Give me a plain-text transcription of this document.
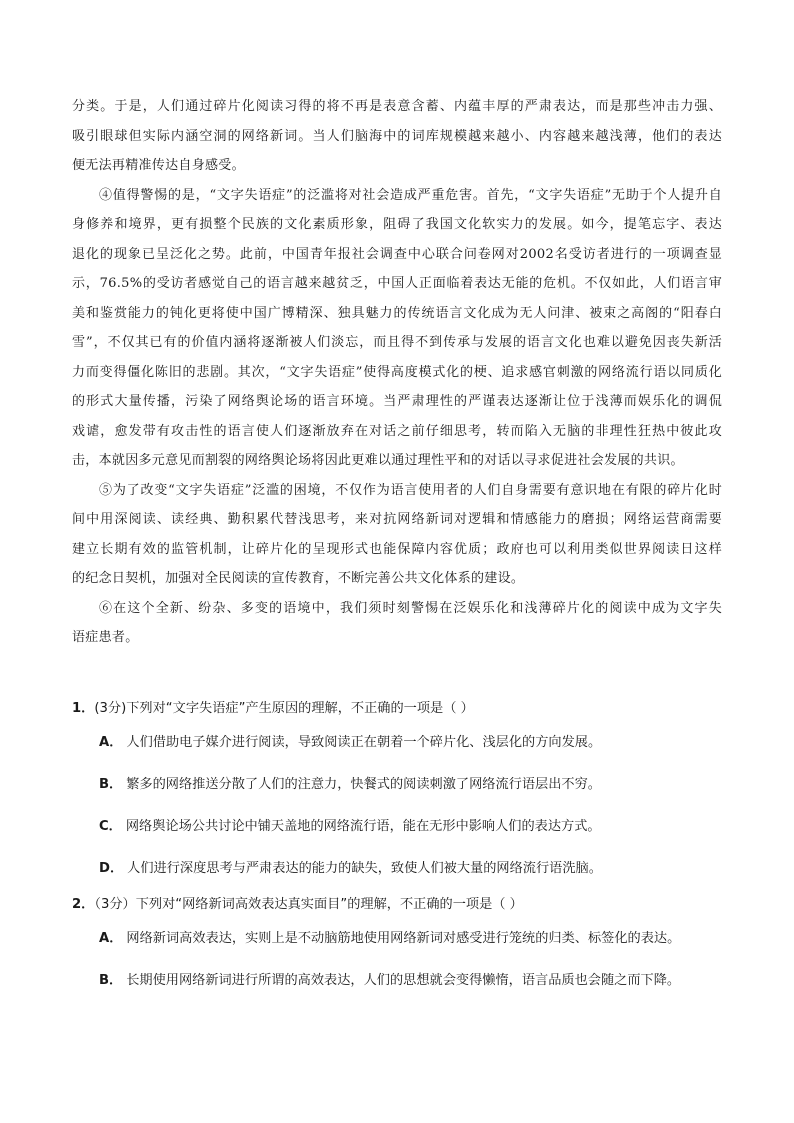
分类。于是，人们通过碎片化阅读习得的将不再是表意含蓄、内蕴丰厚的严肃表达，而是那些冲击力强、
吸引眼球但实际内涵空洞的网络新词。当人们脑海中的词库规模越来越小、内容越来越浅薄，他们的表达
便无法再精准传达自身感受。
④值得警惕的是，“文字失语症”的泛滥将对社会造成严重危害。首先，“文字失语症”无助于个人提升自
身修养和境界，更有损整个民族的文化素质形象，阻碍了我国文化软实力的发展。如今，提笔忘字、表达
退化的现象已呈泛化之势。此前，中国青年报社会调查中心联合问卷网对2002名受访者进行的一项调查显
示，76.5%的受访者感觉自己的语言越来越贫乏，中国人正面临着表达无能的危机。不仅如此，人们语言审
美和鉴赏能力的钝化更将使中国广博精深、独具魅力的传统语言文化成为无人问津、被束之高阁的“阳春白
雪”，不仅其已有的价值内涵将逐渐被人们淡忘，而且得不到传承与发展的语言文化也难以避免因丧失新活
力而变得僵化陈旧的悲剧。其次，“文字失语症”使得高度模式化的梗、追求感官刺激的网络流行语以同质化
的形式大量传播，污染了网络舆论场的语言环境。当严肃理性的严谨表达逐渐让位于浅薄而娱乐化的调侃
戏谑，愈发带有攻击性的语言使人们逐渐放弃在对话之前仔细思考，转而陷入无脑的非理性狂热中彼此攻
击，本就因多元意见而割裂的网络舆论场将因此更难以通过理性平和的对话以寻求促进社会发展的共识。
⑤为了改变“文字失语症”泛滥的困境，不仅作为语言使用者的人们自身需要有意识地在有限的碎片化时
间中用深阅读、读经典、勤积累代替浅思考，来对抗网络新词对逻辑和情感能力的磨损；网络运营商需要
建立长期有效的监管机制，让碎片化的呈现形式也能保障内容优质；政府也可以利用类似世界阅读日这样
的纪念日契机，加强对全民阅读的宣传教育，不断完善公共文化体系的建设。
⑥在这个全新、纷杂、多变的语境中，我们须时刻警惕在泛娱乐化和浅薄碎片化的阅读中成为文字失
语症患者。
1．(3分)下列对“文字失语症”产生原因的理解，不正确的一项是（ ）
A． 人们借助电子媒介进行阅读，导致阅读正在朝着一个碎片化、浅层化的方向发展。
B． 繁多的网络推送分散了人们的注意力，快餐式的阅读刺激了网络流行语层出不穷。
C． 网络舆论场公共讨论中铺天盖地的网络流行语，能在无形中影响人们的表达方式。
D． 人们进行深度思考与严肃表达的能力的缺失，致使人们被大量的网络流行语洗脑。
2．（3分）下列对“网络新词高效表达真实面目”的理解，不正确的一项是（ ）
A． 网络新词高效表达，实则上是不动脑筋地使用网络新词对感受进行笼统的归类、标签化的表达。
B． 长期使用网络新词进行所谓的高效表达，人们的思想就会变得懒惰，语言品质也会随之而下降。
